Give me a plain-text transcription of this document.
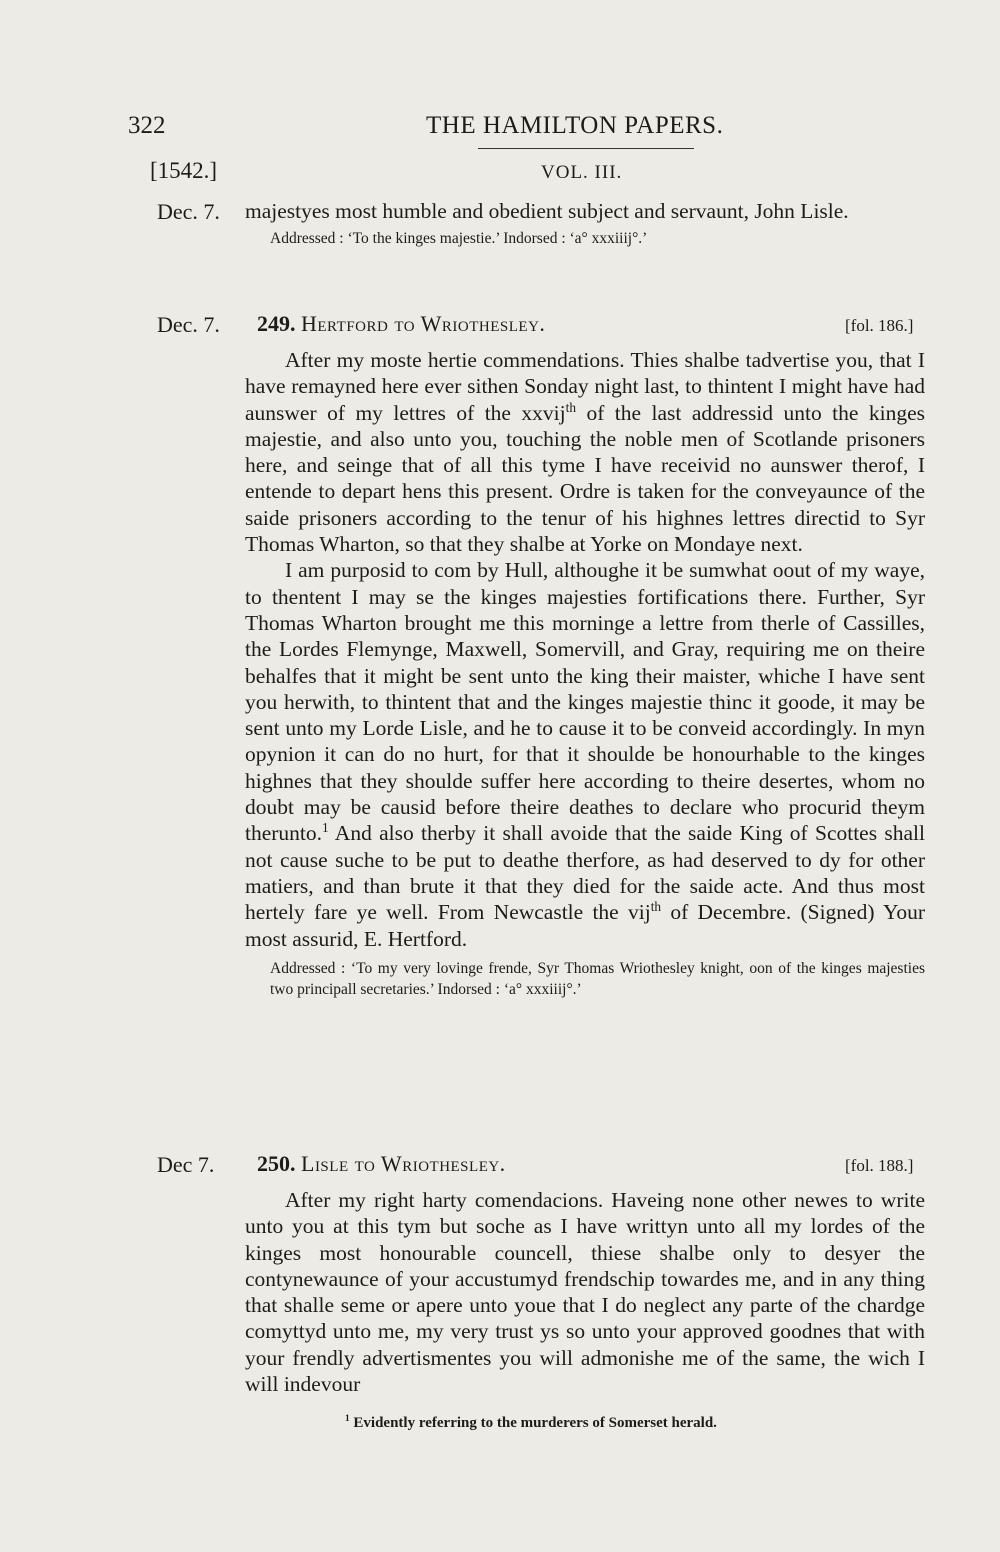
322	THE HAMILTON PAPERS.
[1542.]	VOL. III.
Dec. 7. majestyes most humble and obedient subject and servaunt, John Lisle.

Addressed : ‘To the kinges majestie.’ Indorsed : ‘a° xxxiiij°.’

Dec. 7. 249. Hertford to Wriothesley.	[fol. 186.]

After my moste hertie commendations. Thies shalbe tadvertise you, that I have remayned here ever sithen Sonday night last, to thintent I might have had aunswer of my lettres of the xxvij$^{th}$ of the last addressid unto the kinges majestie, and also unto you, touching the noble men of Scotlande prisoners here, and seinge that of all this tyme I have receivid no aunswer therof, I entende to depart hens this present. Ordre is taken for the conveyaunce of the saide prisoners according to the tenur of his highnes lettres directid to Syr Thomas Wharton, so that they shalbe at Yorke on Mondaye next.

I am purposid to com by Hull, althoughe it be sumwhat oout of my waye, to thentent I may se the kinges majesties fortifications there. Further, Syr Thomas Wharton brought me this morninge a lettre from therle of Cassilles, the Lordes Flemynge, Maxwell, Somervill, and Gray, requiring me on theire behalfes that it might be sent unto the king their maister, whiche I have sent you herwith, to thintent that and the kinges majestie thinc it goode, it may be sent unto my Lorde Lisle, and he to cause it to be conveid accordingly. In myn opynion it can do no hurt, for that it shoulde be honourhable to the kinges highnes that they shoulde suffer here according to theire desertes, whom no doubt may be causid before theire deathes to declare who procurid theym therunto.$^1$ And also therby it shall avoide that the saide King of Scottes shall not cause suche to be put to deathe therfore, as had deserved to dy for other matiers, and than brute it that they died for the saide acte. And thus most hertely fare ye well. From Newcastle the vij$^{th}$ of Decembre. (Signed) Your most assurid, E. Hertford.

Addressed : ‘To my very lovinge frende, Syr Thomas Wriothesley knight, oon of the kinges majesties two principall secretaries.’ Indorsed : ‘a° xxxiiij°.’

Dec 7. 250. Lisle to Wriothesley.	[fol. 188.]

After my right harty comendacions. Haveing none other newes to write unto you at this tym but soche as I have writtyn unto all my lordes of the kinges most honourable councell, thiese shalbe only to desyer the contynewaunce of your accustumyd frendschip towardes me, and in any thing that shalle seme or apere unto youe that I do neglect any parte of the chardge comyttyd unto me, my very trust ys so unto your approved goodnes that with your frendly advertismentes you will admonishe me of the same, the wich I will indevour

$^1$ Evidently referring to the murderers of Somerset herald.
